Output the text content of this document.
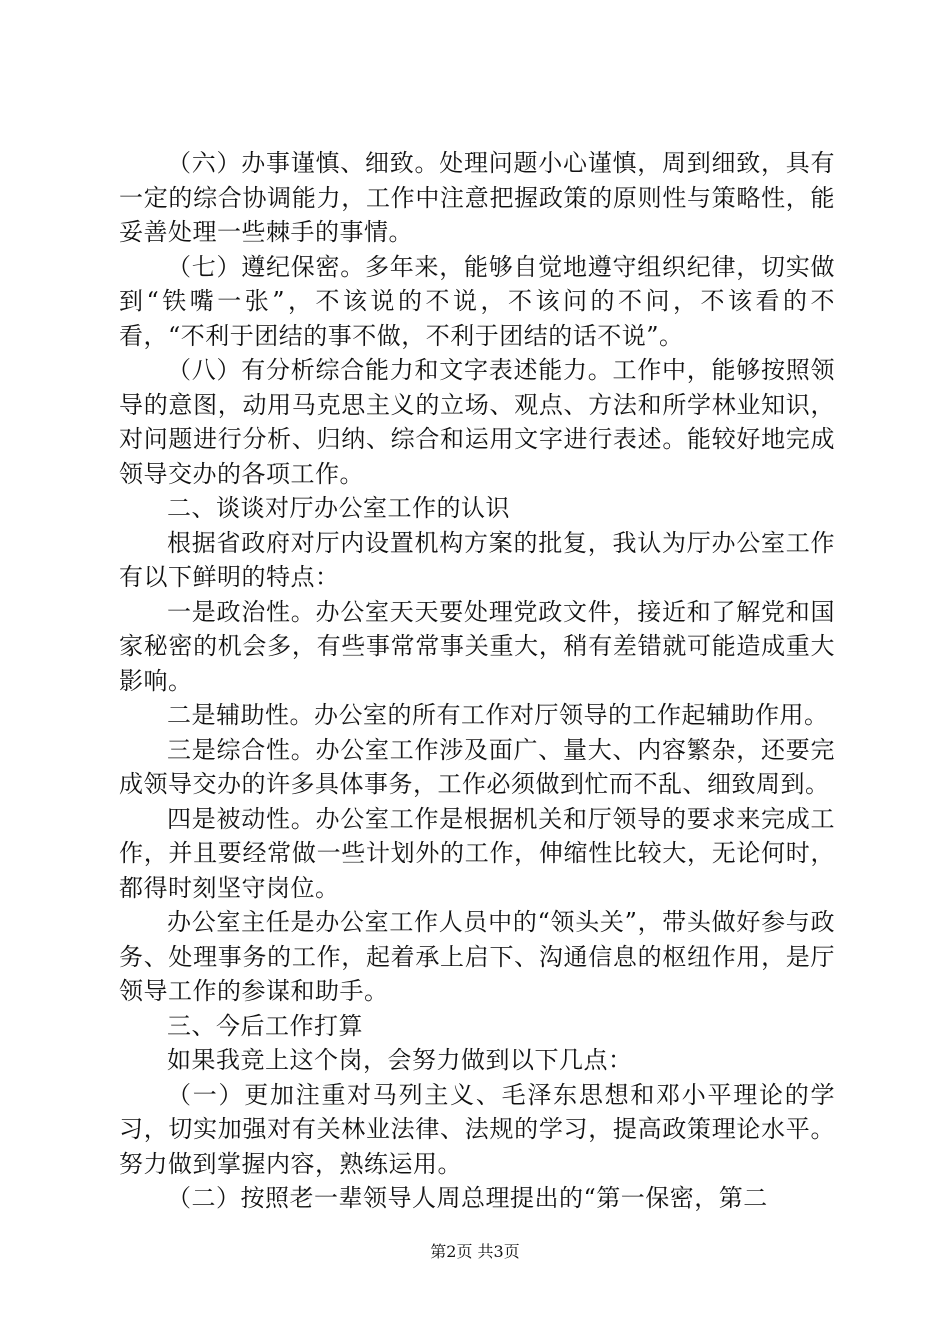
（六）办事谨慎、细致。处理问题小心谨慎，周到细致，具有一定的综合协调能力，工作中注意把握政策的原则性与策略性，能妥善处理一些棘手的事情。

（七）遵纪保密。多年来，能够自觉地遵守组织纪律，切实做到“铁嘴一张”，不该说的不说，不该问的不问，不该看的不看，“不利于团结的事不做，不利于团结的话不说”。

（八）有分析综合能力和文字表述能力。工作中，能够按照领导的意图，动用马克思主义的立场、观点、方法和所学林业知识，对问题进行分析、归纳、综合和运用文字进行表述。能较好地完成领导交办的各项工作。

二、谈谈对厅办公室工作的认识

根据省政府对厅内设置机构方案的批复，我认为厅办公室工作有以下鲜明的特点：

一是政治性。办公室天天要处理党政文件，接近和了解党和国家秘密的机会多，有些事常常事关重大，稍有差错就可能造成重大影响。

二是辅助性。办公室的所有工作对厅领导的工作起辅助作用。

三是综合性。办公室工作涉及面广、量大、内容繁杂，还要完成领导交办的许多具体事务，工作必须做到忙而不乱、细致周到。

四是被动性。办公室工作是根据机关和厅领导的要求来完成工作，并且要经常做一些计划外的工作，伸缩性比较大，无论何时，都得时刻坚守岗位。

办公室主任是办公室工作人员中的“领头关”，带头做好参与政务、处理事务的工作，起着承上启下、沟通信息的枢纽作用，是厅领导工作的参谋和助手。

三、今后工作打算

如果我竞上这个岗，会努力做到以下几点：

（一）更加注重对马列主义、毛泽东思想和邓小平理论的学习，切实加强对有关林业法律、法规的学习，提高政策理论水平。努力做到掌握内容，熟练运用。

（二）按照老一辈领导人周总理提出的“第一保密，第二

第2页 共3页
